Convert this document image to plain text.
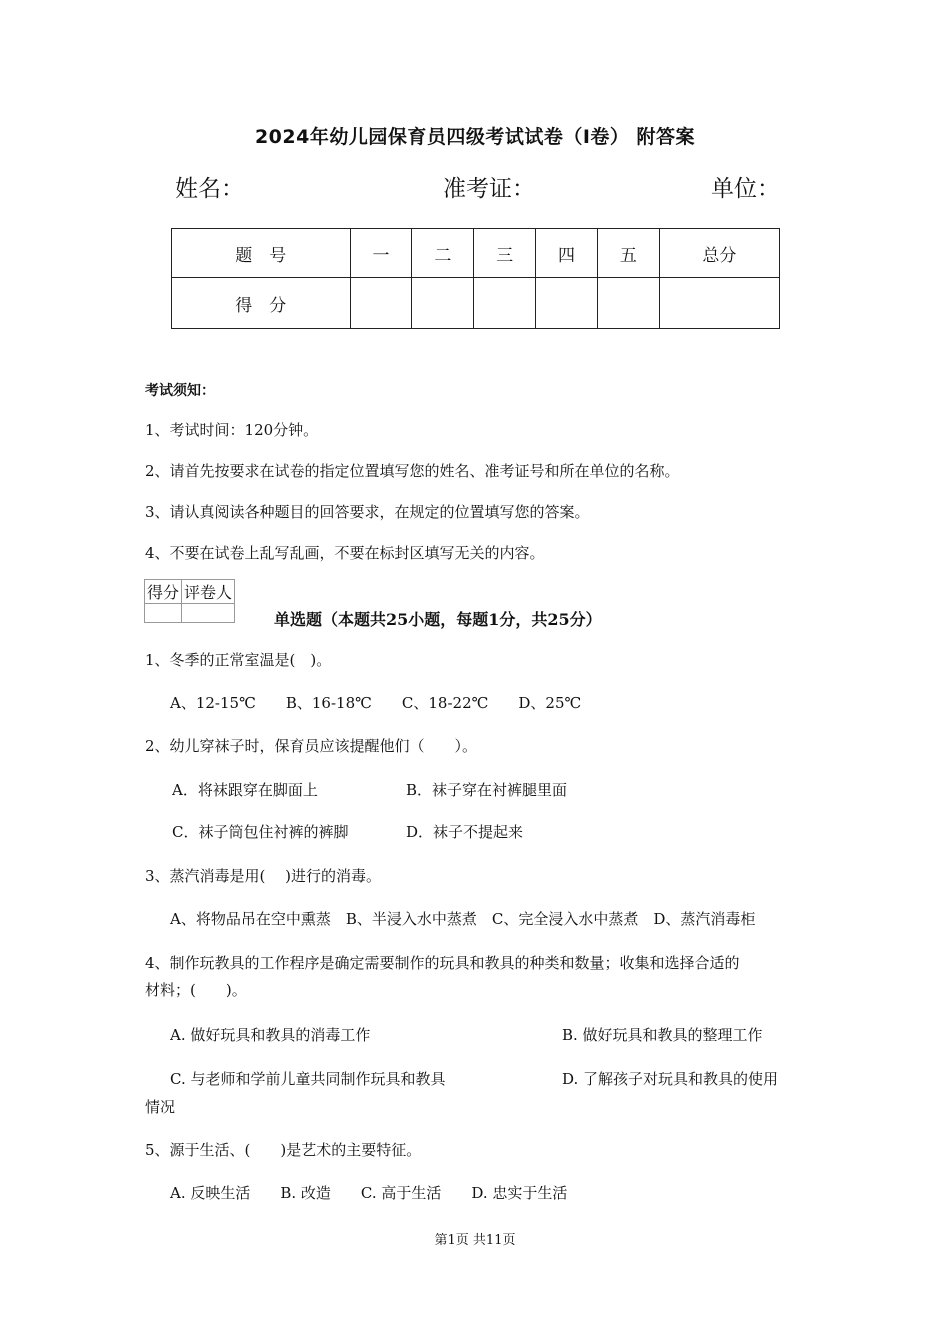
2024年幼儿园保育员四级考试试卷（I卷） 附答案
姓名：	准考证：	单位：
题　号	一	二	三	四	五	总分
得　分						
考试须知：
1、考试时间：120分钟。
2、请首先按要求在试卷的指定位置填写您的姓名、准考证号和所在单位的名称。
3、请认真阅读各种题目的回答要求，在规定的位置填写您的答案。
4、不要在试卷上乱写乱画，不要在标封区填写无关的内容。
得分	评卷人

单选题（本题共25小题，每题1分，共25分）
1、冬季的正常室温是(　)。
A、12-15℃　　B、16-18℃　　C、18-22℃　　D、25℃
2、幼儿穿袜子时，保育员应该提醒他们（　　）。
A．将袜跟穿在脚面上	B．袜子穿在衬裤腿里面
C．袜子筒包住衬裤的裤脚	D．袜子不提起来
3、蒸汽消毒是用(　 )进行的消毒。
A、将物品吊在空中熏蒸　B、半浸入水中蒸煮　C、完全浸入水中蒸煮　D、蒸汽消毒柜
4、制作玩教具的工作程序是确定需要制作的玩具和教具的种类和数量；收集和选择合适的
材料；(　　)。
A. 做好玩具和教具的消毒工作	B. 做好玩具和教具的整理工作
C. 与老师和学前儿童共同制作玩具和教具	D. 了解孩子对玩具和教具的使用
情况
5、源于生活、(　　)是艺术的主要特征。
A. 反映生活　　B. 改造　　C. 高于生活　　D. 忠实于生活
第1页 共11页
